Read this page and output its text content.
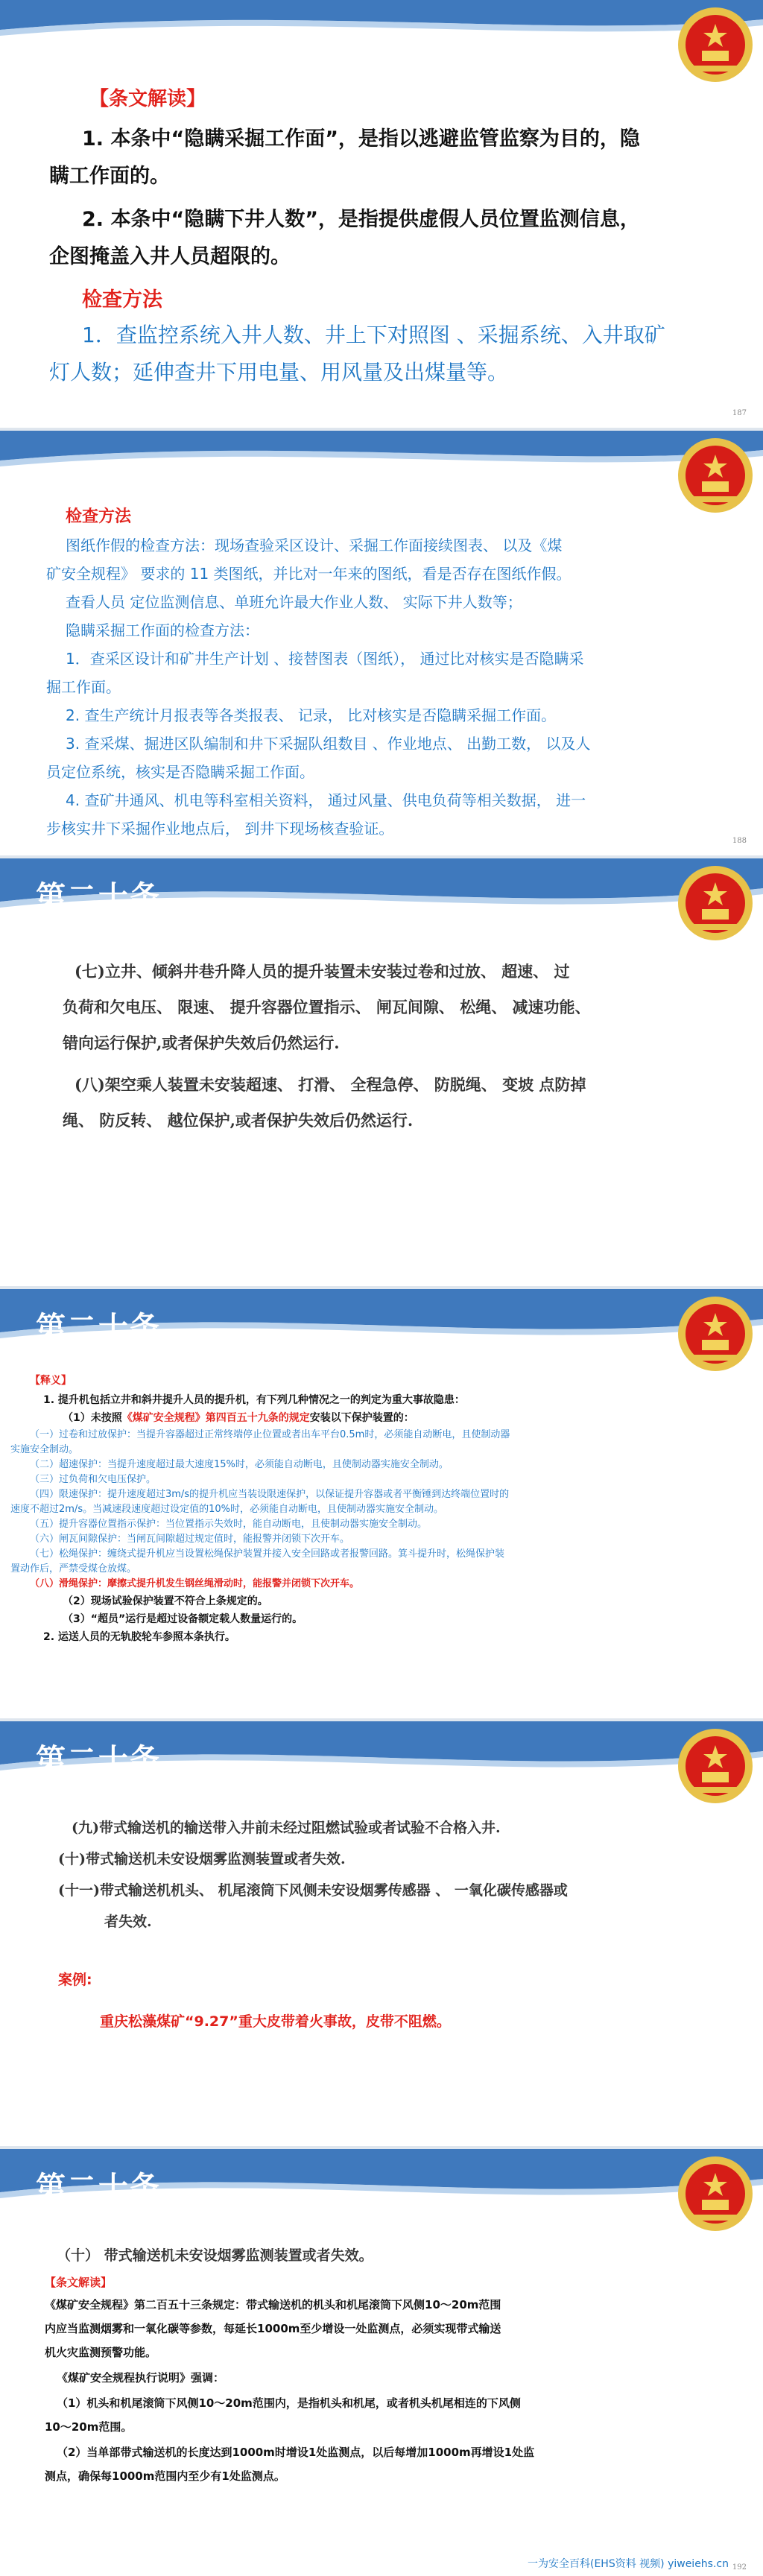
【条文解读】
1. 本条中“隐瞒采掘工作面”，是指以逃避监管监察为目的，隐
瞒工作面的。
2. 本条中“隐瞒下井人数”，是指提供虚假人员位置监测信息，
企图掩盖入井人员超限的。
检查方法
1．查监控系统入井人数、井上下对照图 、采掘系统、入井取矿
灯人数；延伸查井下用电量、用风量及出煤量等。
187
检查方法
图纸作假的检查方法：现场查验采区设计、采掘工作面接续图表、 以及《煤
矿安全规程》 要求的 11 类图纸，并比对一年来的图纸，看是否存在图纸作假。
查看人员 定位监测信息、单班允许最大作业人数、 实际下井人数等；
隐瞒采掘工作面的检查方法：
1．查采区设计和矿井生产计划 、接替图表（图纸）， 通过比对核实是否隐瞒采
掘工作面。
2. 查生产统计月报表等各类报表、 记录， 比对核实是否隐瞒采掘工作面。
3. 查采煤、掘进区队编制和井下采掘队组数目 、作业地点、 出勤工数， 以及人
员定位系统，核实是否隐瞒采掘工作面。
4. 查矿井通风、机电等科室相关资料， 通过风量、供电负荷等相关数据， 进一
步核实井下采掘作业地点后， 到井下现场核查验证。
188
第二十条
(七)立井、倾斜井巷升降人员的提升装置未安装过卷和过放、 超速、 过
负荷和欠电压、 限速、 提升容器位置指示、 闸瓦间隙、 松绳、 减速功能、
错向运行保护,或者保护失效后仍然运行.
(八)架空乘人装置未安装超速、 打滑、 全程急停、 防脱绳、 变坡 点防掉
绳、 防反转、 越位保护,或者保护失效后仍然运行.
第二十条
【释义】
1. 提升机包括立井和斜井提升人员的提升机，有下列几种情况之一的判定为重大事故隐患：
（1）未按照《煤矿安全规程》第四百五十九条的规定安装以下保护装置的：
（一）过卷和过放保护：当提升容器超过正常终端停止位置或者出车平台0.5m时，必须能自动断电，且使制动器
实施安全制动。
（二）超速保护：当提升速度超过最大速度15%时，必须能自动断电，且使制动器实施安全制动。
（三）过负荷和欠电压保护。
（四）限速保护：提升速度超过3m/s的提升机应当装设限速保护，以保证提升容器或者平衡锤到达终端位置时的
速度不超过2m/s。当减速段速度超过设定值的10%时，必须能自动断电，且使制动器实施安全制动。
（五）提升容器位置指示保护：当位置指示失效时，能自动断电，且使制动器实施安全制动。
（六）闸瓦间隙保护：当闸瓦间隙超过规定值时，能报警并闭锁下次开车。
（七）松绳保护：缠绕式提升机应当设置松绳保护装置并接入安全回路或者报警回路。箕斗提升时，松绳保护装
置动作后，严禁受煤仓放煤。
（八）滑绳保护：摩擦式提升机发生钢丝绳滑动时，能报警并闭锁下次开车。
（2）现场试验保护装置不符合上条规定的。
（3）“超员”运行是超过设备额定载人数量运行的。
2. 运送人员的无轨胶轮车参照本条执行。
第二十条
(九)带式输送机的输送带入井前未经过阻燃试验或者试验不合格入井.
(十)带式输送机未安设烟雾监测装置或者失效.
(十一)带式输送机机头、 机尾滚筒下风侧未安设烟雾传感器 、 一氧化碳传感器或
者失效.
案例:
重庆松藻煤矿“9.27”重大皮带着火事故，皮带不阻燃。
第二十条
（十） 带式输送机未安设烟雾监测装置或者失效。
【条文解读】
《煤矿安全规程》第二百五十三条规定：带式输送机的机头和机尾滚筒下风侧10～20m范围
内应当监测烟雾和一氧化碳等参数，每延长1000m至少增设一处监测点，必须实现带式输送
机火灾监测预警功能。
《煤矿安全规程执行说明》强调：
（1）机头和机尾滚筒下风侧10～20m范围内，是指机头和机尾，或者机头机尾相连的下风侧
10～20m范围。
（2）当单部带式输送机的长度达到1000m时增设1处监测点，以后每增加1000m再增设1处监
测点，确保每1000m范围内至少有1处监测点。
一为安全百科(EHS资料 视频) yiweiehs.cn 192
